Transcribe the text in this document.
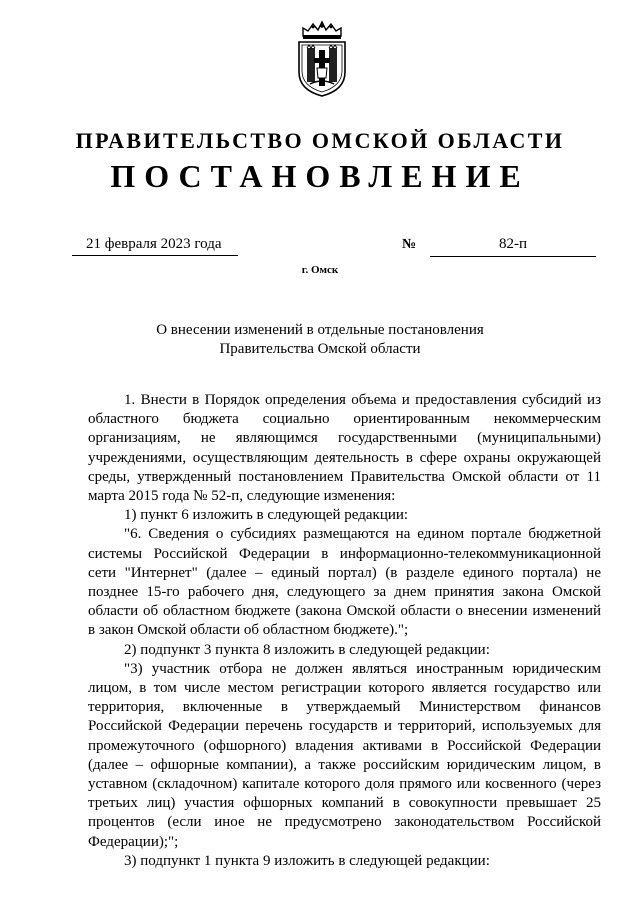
ПРАВИТЕЛЬСТВО ОМСКОЙ ОБЛАСТИ
ПОСТАНОВЛЕНИЕ
21 февраля 2023 года	№	82-п
г. Омск
О внесении изменений в отдельные постановления
Правительства Омской области

1. Внести в Порядок определения объема и предоставления субсидий из областного бюджета социально ориентированным некоммерческим организациям, не являющимся государственными (муниципальными) учреждениями, осуществляющим деятельность в сфере охраны окружающей среды, утвержденный постановлением Правительства Омской области от 11 марта 2015 года № 52-п, следующие изменения:

1) пункт 6 изложить в следующей редакции:

"6. Сведения о субсидиях размещаются на едином портале бюджетной системы Российской Федерации в информационно-телекоммуникационной сети "Интернет" (далее – единый портал) (в разделе единого портала) не позднее 15-го рабочего дня, следующего за днем принятия закона Омской области об областном бюджете (закона Омской области о внесении изменений в закон Омской области об областном бюджете).";

2) подпункт 3 пункта 8 изложить в следующей редакции:

"3) участник отбора не должен являться иностранным юридическим лицом, в том числе местом регистрации которого является государство или территория, включенные в утверждаемый Министерством финансов Российской Федерации перечень государств и территорий, используемых для промежуточного (офшорного) владения активами в Российской Федерации (далее – офшорные компании), а также российским юридическим лицом, в уставном (складочном) капитале которого доля прямого или косвенного (через третьих лиц) участия офшорных компаний в совокупности превышает 25 процентов (если иное не предусмотрено законодательством Российской Федерации);";

3) подпункт 1 пункта 9 изложить в следующей редакции:
